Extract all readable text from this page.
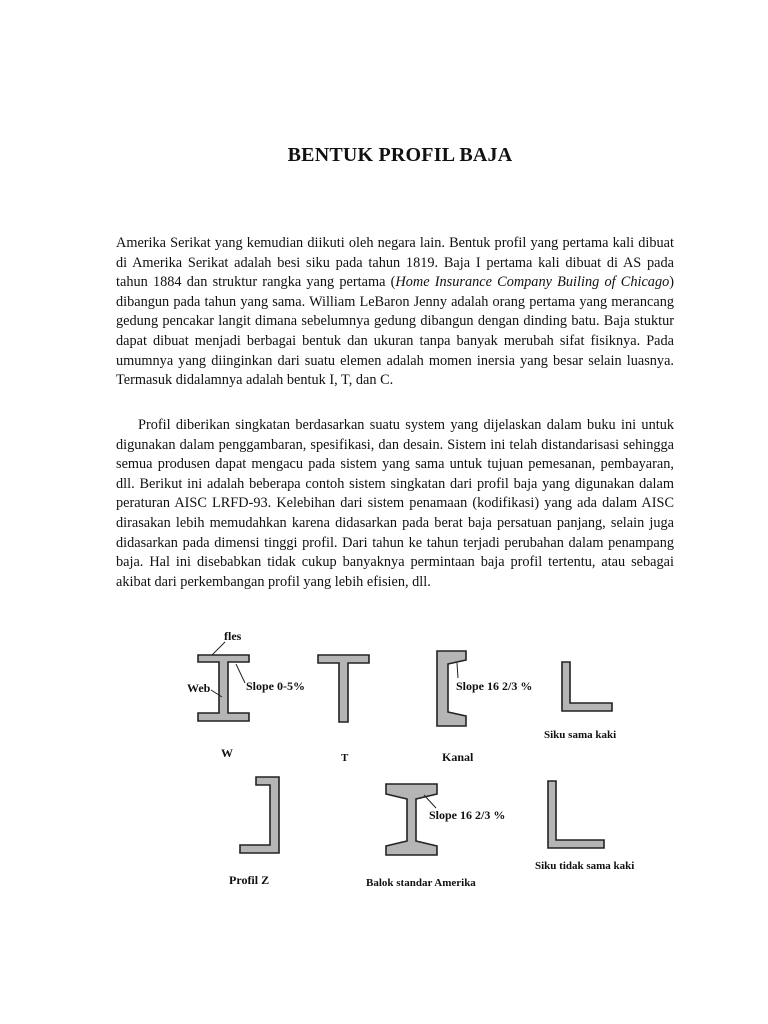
BENTUK PROFIL BAJA

Amerika Serikat yang kemudian diikuti oleh negara lain. Bentuk profil yang pertama kali dibuat di Amerika Serikat adalah besi siku pada tahun 1819. Baja I pertama kali dibuat di AS pada tahun 1884 dan struktur rangka yang pertama (Home Insurance Company Builing of Chicago) dibangun pada tahun yang sama. William LeBaron Jenny adalah orang pertama yang merancang gedung pencakar langit dimana sebelumnya gedung dibangun dengan dinding batu. Baja stuktur dapat dibuat menjadi berbagai bentuk dan ukuran tanpa banyak merubah sifat fisiknya. Pada umumnya yang diinginkan dari suatu elemen adalah momen inersia yang besar selain luasnya. Termasuk didalamnya adalah bentuk I, T, dan C.

Profil diberikan singkatan berdasarkan suatu system yang dijelaskan dalam buku ini untuk digunakan dalam penggambaran, spesifikasi, dan desain. Sistem ini telah distandarisasi sehingga semua produsen dapat mengacu pada sistem yang sama untuk tujuan pemesanan, pembayaran, dll. Berikut ini adalah beberapa contoh sistem singkatan dari profil baja yang digunakan dalam peraturan AISC LRFD-93. Kelebihan dari sistem penamaan (kodifikasi) yang ada dalam AISC dirasakan lebih memudahkan karena didasarkan pada berat baja persatuan panjang, selain juga didasarkan pada dimensi tinggi profil. Dari tahun ke tahun terjadi perubahan dalam penampang baja. Hal ini disebabkan tidak cukup banyaknya permintaan baja profil tertentu, atau sebagai akibat dari perkembangan profil yang lebih efisien, dll.

fles
Web	Slope 0-5%
W	T
Slope 16 2/3 %
Kanal
Siku sama kaki
Profil Z
Slope 16 2/3 %
Balok standar Amerika
Siku tidak sama kaki
